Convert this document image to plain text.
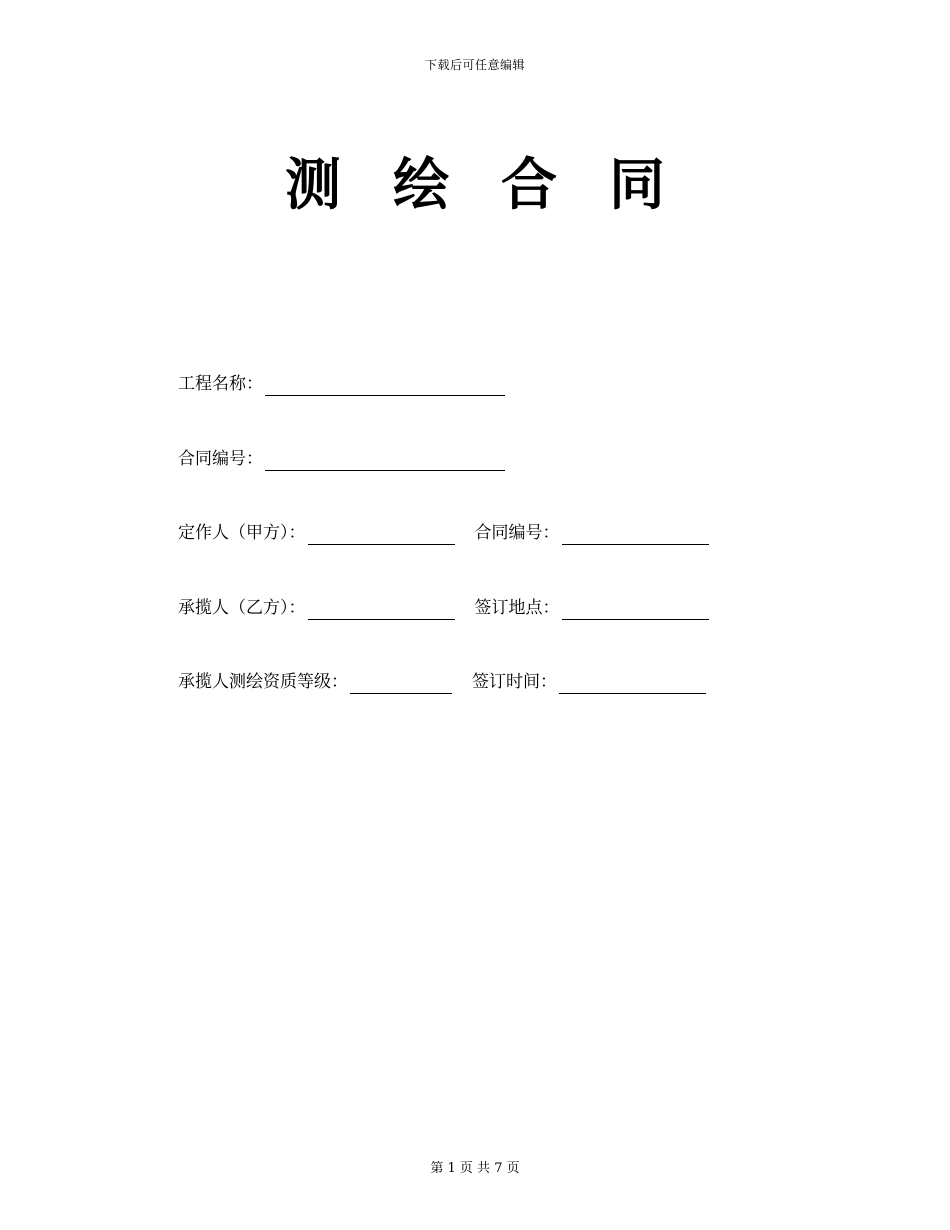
下载后可任意编辑
测绘合同
工程名称：
合同编号：
定作人（甲方）：	合同编号：
承揽人（乙方）：	签订地点：
承揽人测绘资质等级：	签订时间：
第 1 页 共 7 页
